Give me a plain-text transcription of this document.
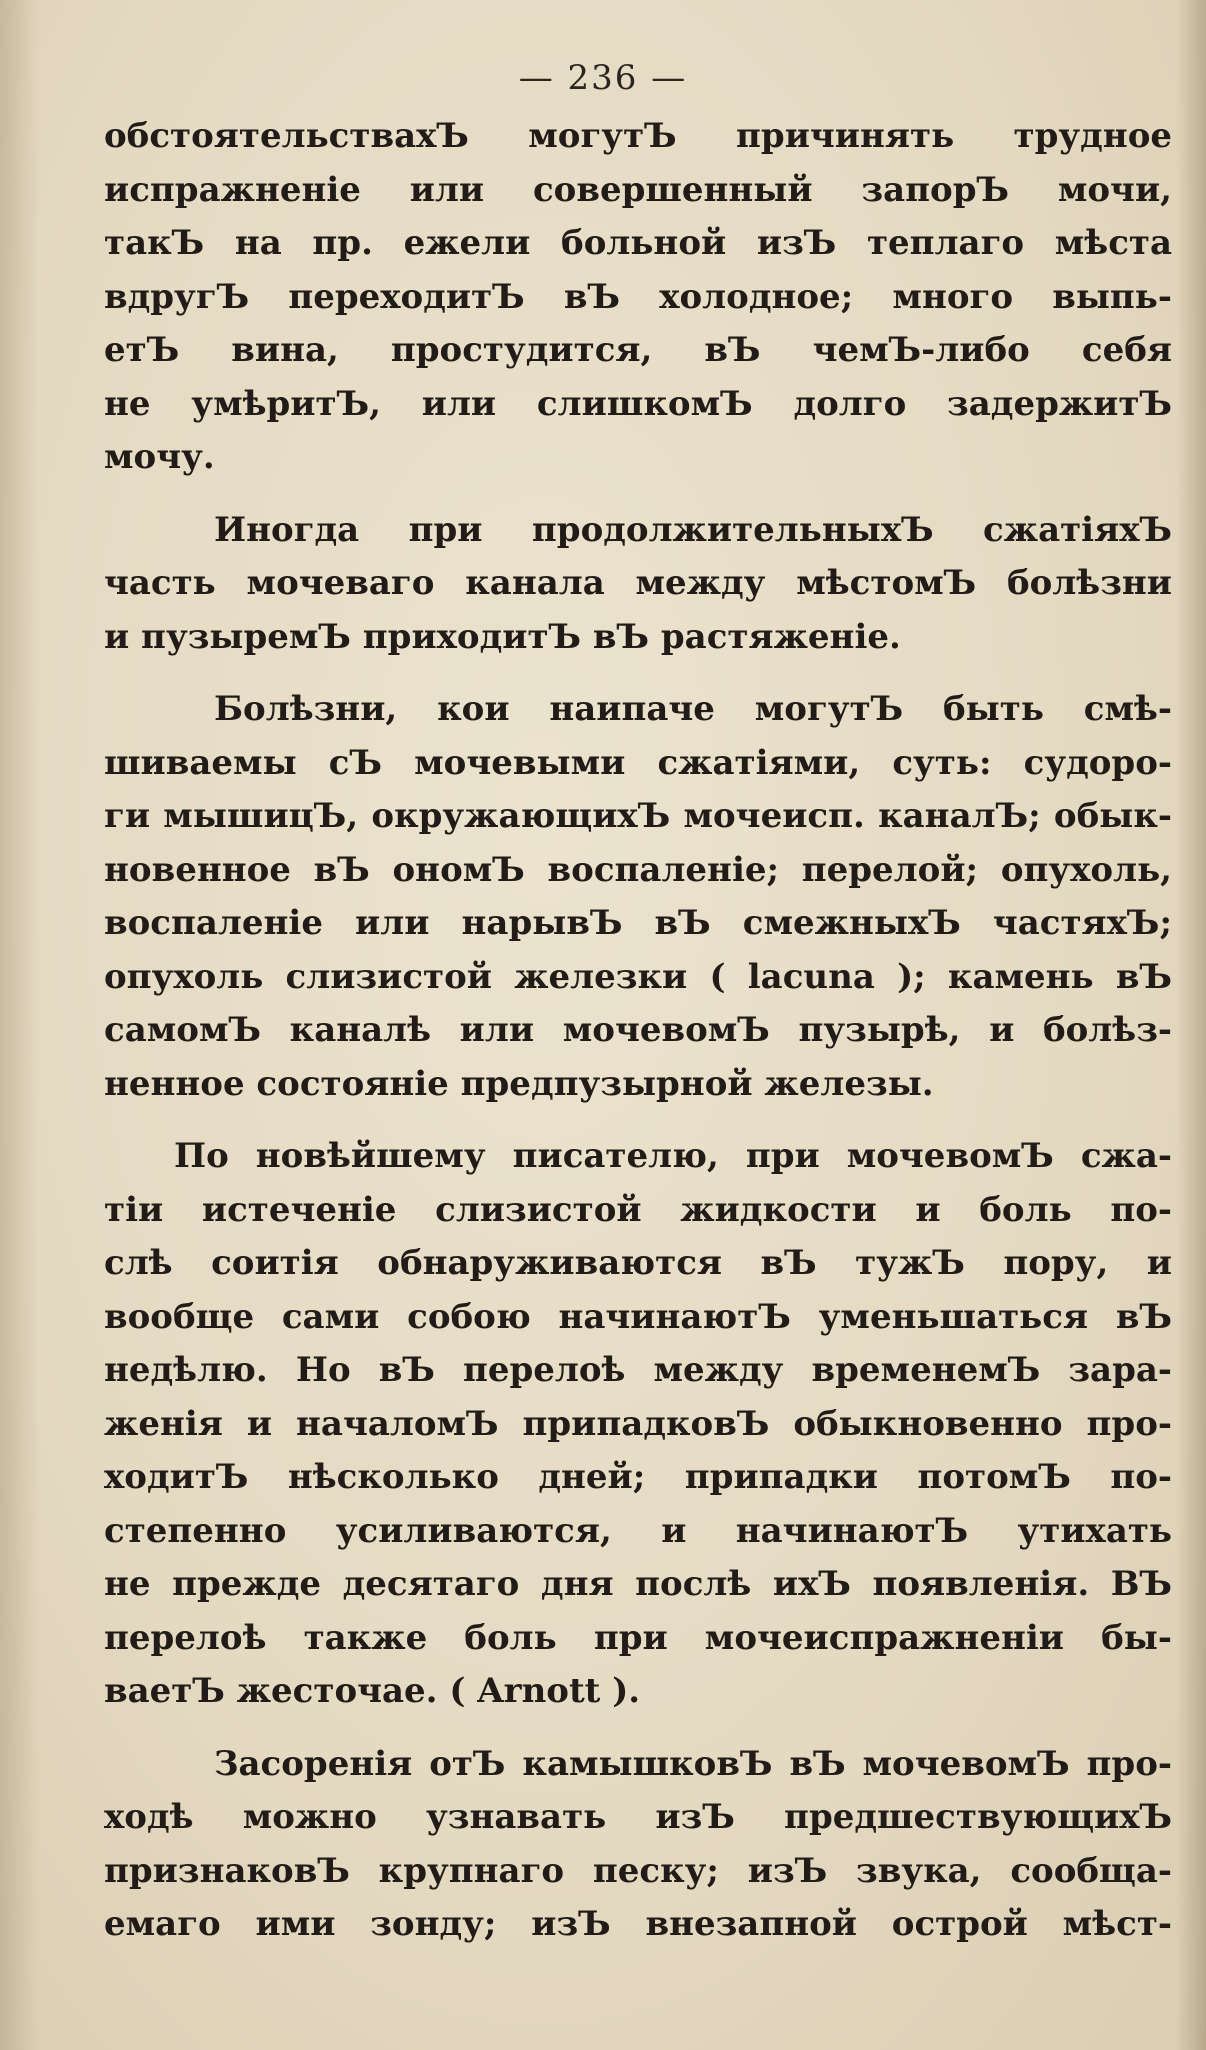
— 236 —
обстоятельствахЪ могутЪ причинять трудное
испражненіе или совершенный запорЪ мочи,
такЪ на пр. ежели больной изЪ теплаго мѣста
вдругЪ переходитЪ вЪ холодное; много выпь-
етЪ вина, простудится, вЪ чемЪ-либо себя
не умѣритЪ, или слишкомЪ долго задержитЪ
мочу.
Иногда при продолжительныхЪ сжатіяхЪ
часть мочеваго канала между мѣстомЪ болѣзни
и пузыремЪ приходитЪ вЪ растяженіе.
Болѣзни, кои наипаче могутЪ быть смѣ-
шиваемы сЪ мочевыми сжатіями, суть: судоро-
ги мышицЪ, окружающихЪ мочеисп. каналЪ; обык-
новенное вЪ ономЪ воспаленіе; перелой; опухоль,
воспаленіе или нарывЪ вЪ смежныхЪ частяхЪ;
опухоль слизистой железки ( lacuna ); камень вЪ
самомЪ каналѣ или мочевомЪ пузырѣ, и болѣз-
ненное состояніе предпузырной железы.
По новѣйшему писателю, при мочевомЪ сжа-
тіи истеченіе слизистой жидкости и боль по-
слѣ соитія обнаруживаются вЪ тужЪ пору, и
вообще сами собою начинаютЪ уменьшаться вЪ
недѣлю. Но вЪ перелоѣ между временемЪ зара-
женія и началомЪ припадковЪ обыкновенно про-
ходитЪ нѣсколько дней; припадки потомЪ по-
степенно усиливаются, и начинаютЪ утихать
не прежде десятаго дня послѣ ихЪ появленія. ВЪ
перелоѣ также боль при мочеиспражненіи бы-
ваетЪ жесточае. ( Arnott ).
Засоренія отЪ камышковЪ вЪ мочевомЪ про-
ходѣ можно узнавать изЪ предшествующихЪ
признаковЪ крупнаго песку; изЪ звука, сообща-
емаго ими зонду; изЪ внезапной острой мѣст-
